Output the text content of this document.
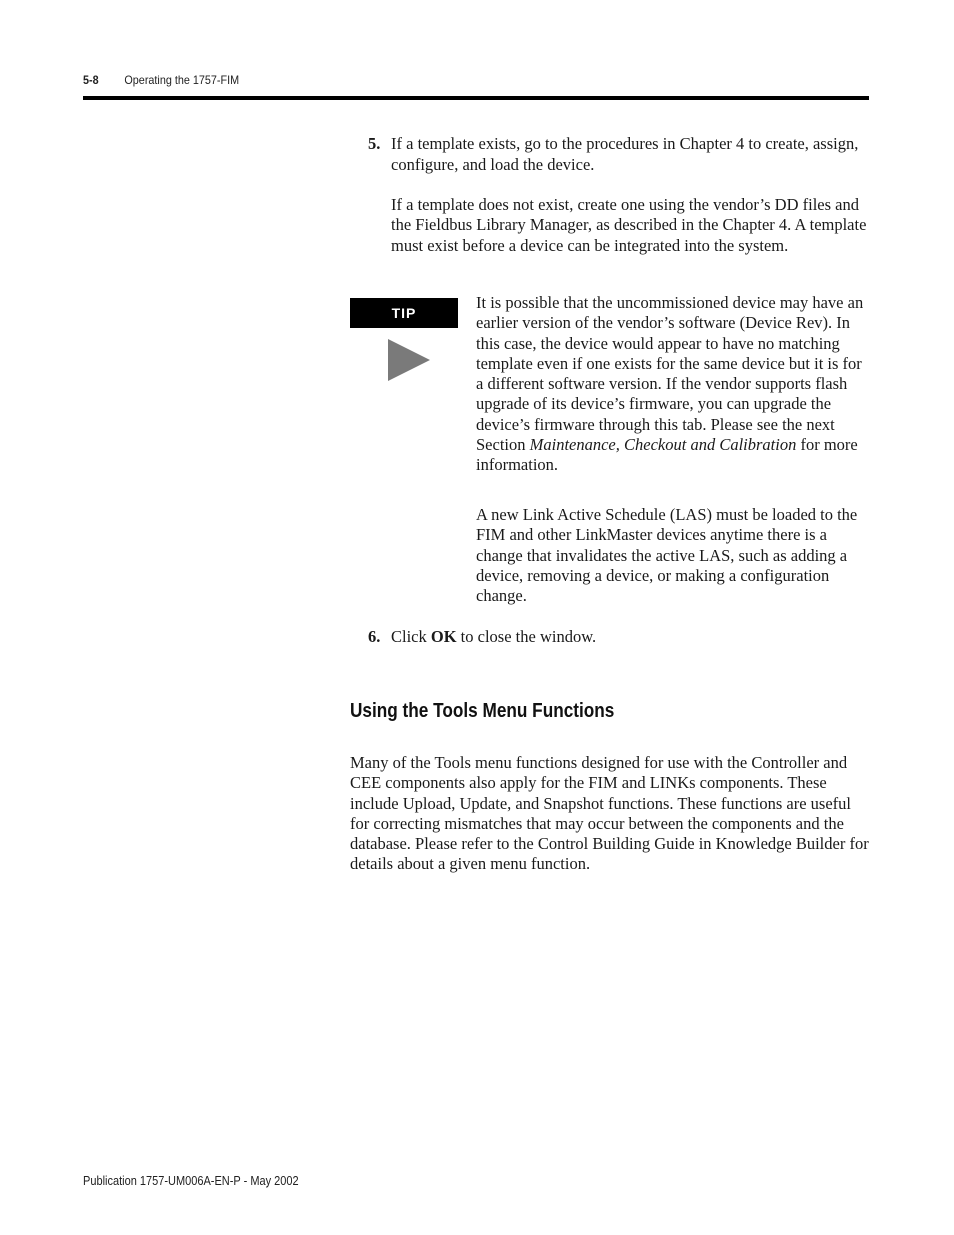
5-8 Operating the 1757-FIM
5. If a template exists, go to the procedures in Chapter 4 to create, assign, configure, and load the device.
If a template does not exist, create one using the vendor’s DD files and the Fieldbus Library Manager, as described in the Chapter 4. A template must exist before a device can be integrated into the system.
TIP
It is possible that the uncommissioned device may have an earlier version of the vendor’s software (Device Rev). In this case, the device would appear to have no matching template even if one exists for the same device but it is for a different software version. If the vendor supports flash upgrade of its device’s firmware, you can upgrade the device’s firmware through this tab. Please see the next Section Maintenance, Checkout and Calibration for more information.
A new Link Active Schedule (LAS) must be loaded to the FIM and other LinkMaster devices anytime there is a change that invalidates the active LAS, such as adding a device, removing a device, or making a configuration change.
6. Click OK to close the window.
Using the Tools Menu Functions
Many of the Tools menu functions designed for use with the Controller and CEE components also apply for the FIM and LINKs components. These include Upload, Update, and Snapshot functions. These functions are useful for correcting mismatches that may occur between the components and the database. Please refer to the Control Building Guide in Knowledge Builder for details about a given menu function.
Publication 1757-UM006A-EN-P - May 2002
